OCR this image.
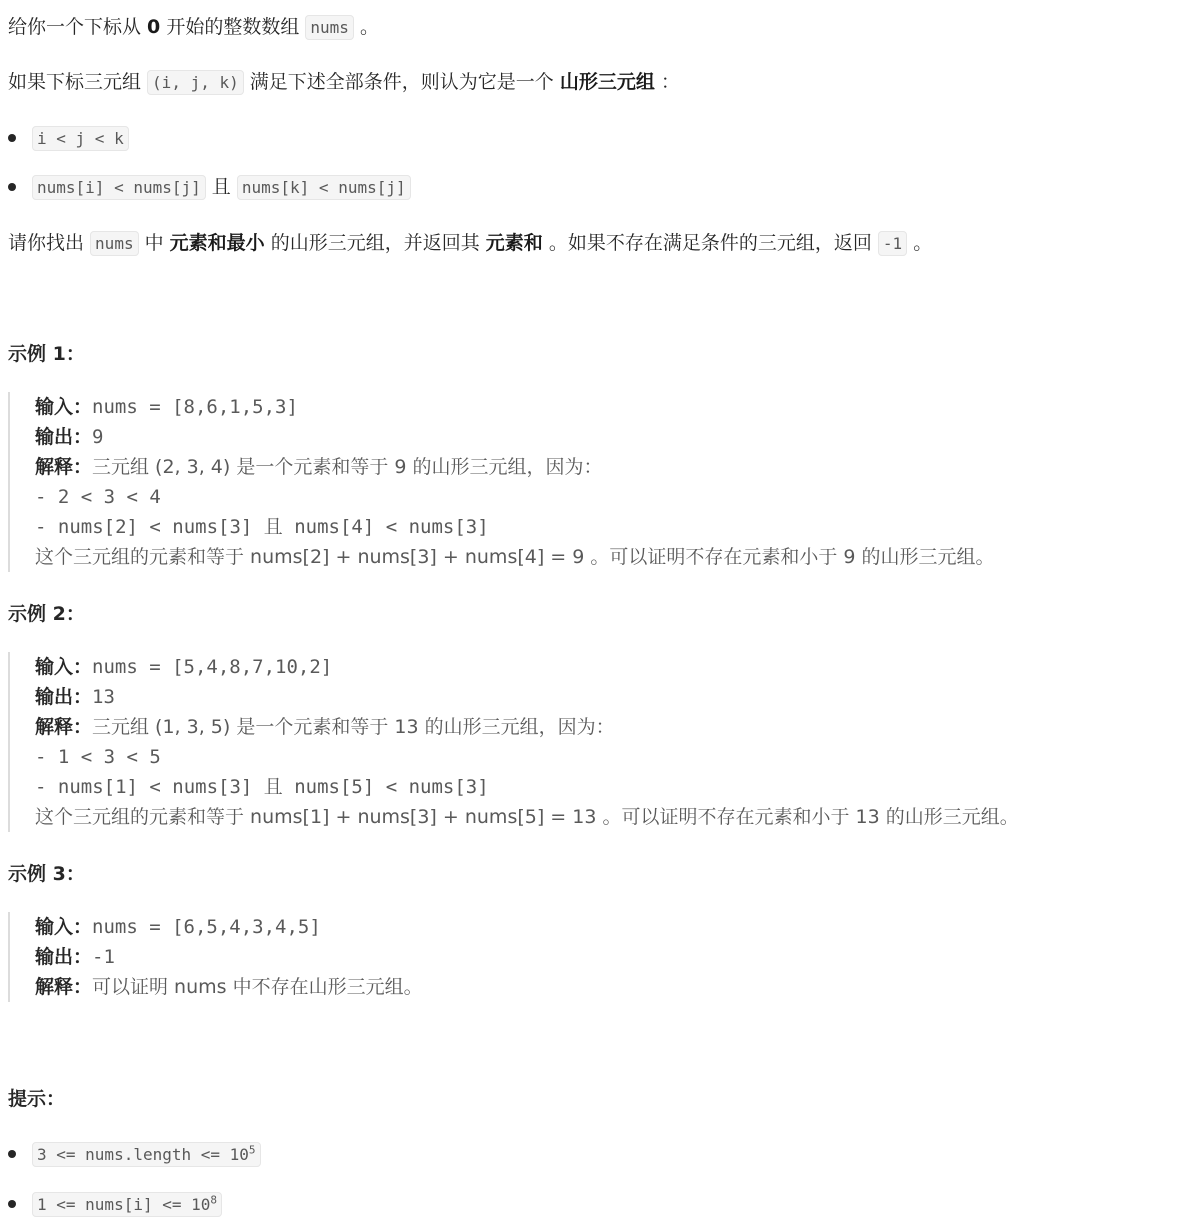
给你一个下标从 0 开始的整数数组 nums 。
如果下标三元组 (i, j, k) 满足下述全部条件，则认为它是一个 山形三元组 ：
i < j < k
nums[i] < nums[j] 且 nums[k] < nums[j]
请你找出 nums 中 元素和最小 的山形三元组，并返回其 元素和 。如果不存在满足条件的三元组，返回 -1 。
示例 1：
输入：nums = [8,6,1,5,3]
输出：9
解释：三元组 (2, 3, 4) 是一个元素和等于 9 的山形三元组，因为：
- 2 < 3 < 4
- nums[2] < nums[3] 且 nums[4] < nums[3]
这个三元组的元素和等于 nums[2] + nums[3] + nums[4] = 9 。可以证明不存在元素和小于 9 的山形三元组。
示例 2：
输入：nums = [5,4,8,7,10,2]
输出：13
解释：三元组 (1, 3, 5) 是一个元素和等于 13 的山形三元组，因为：
- 1 < 3 < 5
- nums[1] < nums[3] 且 nums[5] < nums[3]
这个三元组的元素和等于 nums[1] + nums[3] + nums[5] = 13 。可以证明不存在元素和小于 13 的山形三元组。
示例 3：
输入：nums = [6,5,4,3,4,5]
输出：-1
解释：可以证明 nums 中不存在山形三元组。
提示：
3 <= nums.length <= $10^5$
1 <= nums[i] <= $10^8$
